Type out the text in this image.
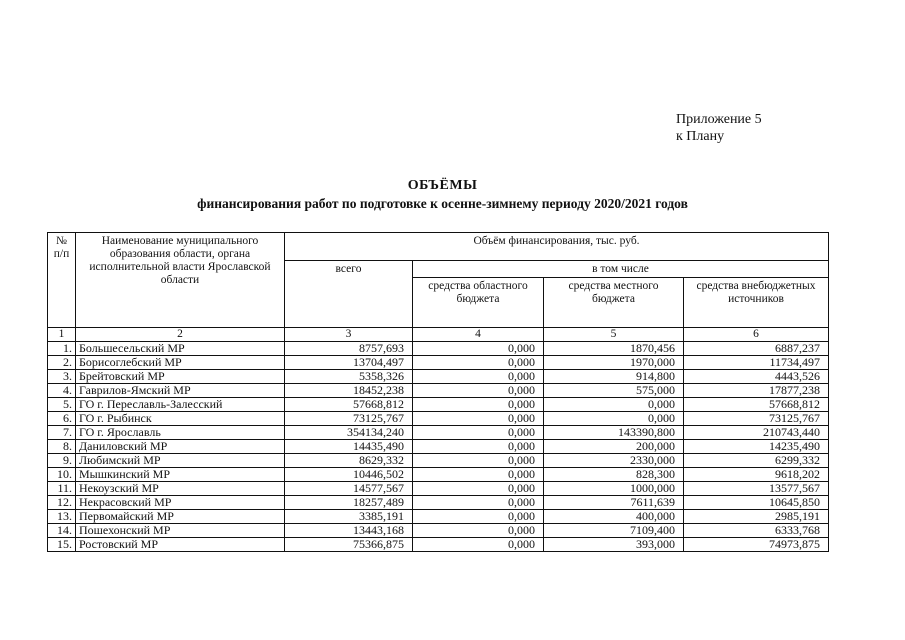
Приложение 5
к Плану
ОБЪЁМЫ
финансирования работ по подготовке к осенне-зимнему периоду 2020/2021 годов
№ п/п	Наименование муниципального образования области, органа исполнительной власти Ярославской области	Объём финансирования, тыс. руб.			
		всего	в том числе		
			средства областного бюджета	средства местного бюджета	средства внебюджетных источников
1	2	3	4	5	6
1.	Большесельский МР	8757,693	0,000	1870,456	6887,237
2.	Борисоглебский МР	13704,497	0,000	1970,000	11734,497
3.	Брейтовский МР	5358,326	0,000	914,800	4443,526
4.	Гаврилов-Ямский МР	18452,238	0,000	575,000	17877,238
5.	ГО г. Переславль-Залесский	57668,812	0,000	0,000	57668,812
6.	ГО г. Рыбинск	73125,767	0,000	0,000	73125,767
7.	ГО г. Ярославль	354134,240	0,000	143390,800	210743,440
8.	Даниловский МР	14435,490	0,000	200,000	14235,490
9.	Любимский МР	8629,332	0,000	2330,000	6299,332
10.	Мышкинский МР	10446,502	0,000	828,300	9618,202
11.	Некоузский МР	14577,567	0,000	1000,000	13577,567
12.	Некрасовский МР	18257,489	0,000	7611,639	10645,850
13.	Первомайский МР	3385,191	0,000	400,000	2985,191
14.	Пошехонский МР	13443,168	0,000	7109,400	6333,768
15.	Ростовский МР	75366,875	0,000	393,000	74973,875
